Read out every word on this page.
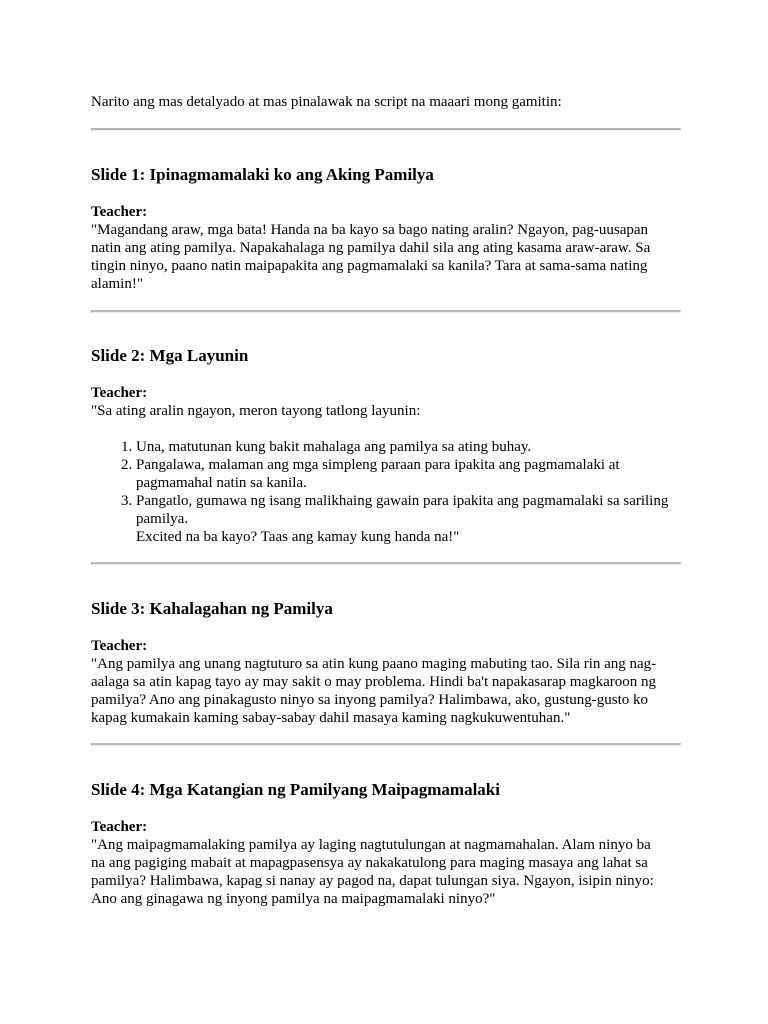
Narito ang mas detalyado at mas pinalawak na script na maaari mong gamitin:

Slide 1: Ipinagmamalaki ko ang Aking Pamilya

Teacher:

"Magandang araw, mga bata! Handa na ba kayo sa bago nating aralin? Ngayon, pag-uusapan natin ang ating pamilya. Napakahalaga ng pamilya dahil sila ang ating kasama araw-araw. Sa tingin ninyo, paano natin maipapakita ang pagmamalaki sa kanila? Tara at sama-sama nating alamin!"

Slide 2: Mga Layunin

Teacher:

"Sa ating aralin ngayon, meron tayong tatlong layunin:

1. Una, matutunan kung bakit mahalaga ang pamilya sa ating buhay.
2. Pangalawa, malaman ang mga simpleng paraan para ipakita ang pagmamalaki at pagmamahal natin sa kanila.
3. Pangatlo, gumawa ng isang malikhaing gawain para ipakita ang pagmamalaki sa sariling pamilya.
Excited na ba kayo? Taas ang kamay kung handa na!"
Slide 3: Kahalagahan ng Pamilya

Teacher:

"Ang pamilya ang unang nagtuturo sa atin kung paano maging mabuting tao. Sila rin ang nag-aalaga sa atin kapag tayo ay may sakit o may problema. Hindi ba't napakasarap magkaroon ng pamilya? Ano ang pinakagusto ninyo sa inyong pamilya? Halimbawa, ako, gustung-gusto ko kapag kumakain kaming sabay-sabay dahil masaya kaming nagkukuwentuhan."

Slide 4: Mga Katangian ng Pamilyang Maipagmamalaki

Teacher:

"Ang maipagmamalaking pamilya ay laging nagtutulungan at nagmamahalan. Alam ninyo ba na ang pagiging mabait at mapagpasensya ay nakakatulong para maging masaya ang lahat sa pamilya? Halimbawa, kapag si nanay ay pagod na, dapat tulungan siya. Ngayon, isipin ninyo: Ano ang ginagawa ng inyong pamilya na maipagmamalaki ninyo?"
